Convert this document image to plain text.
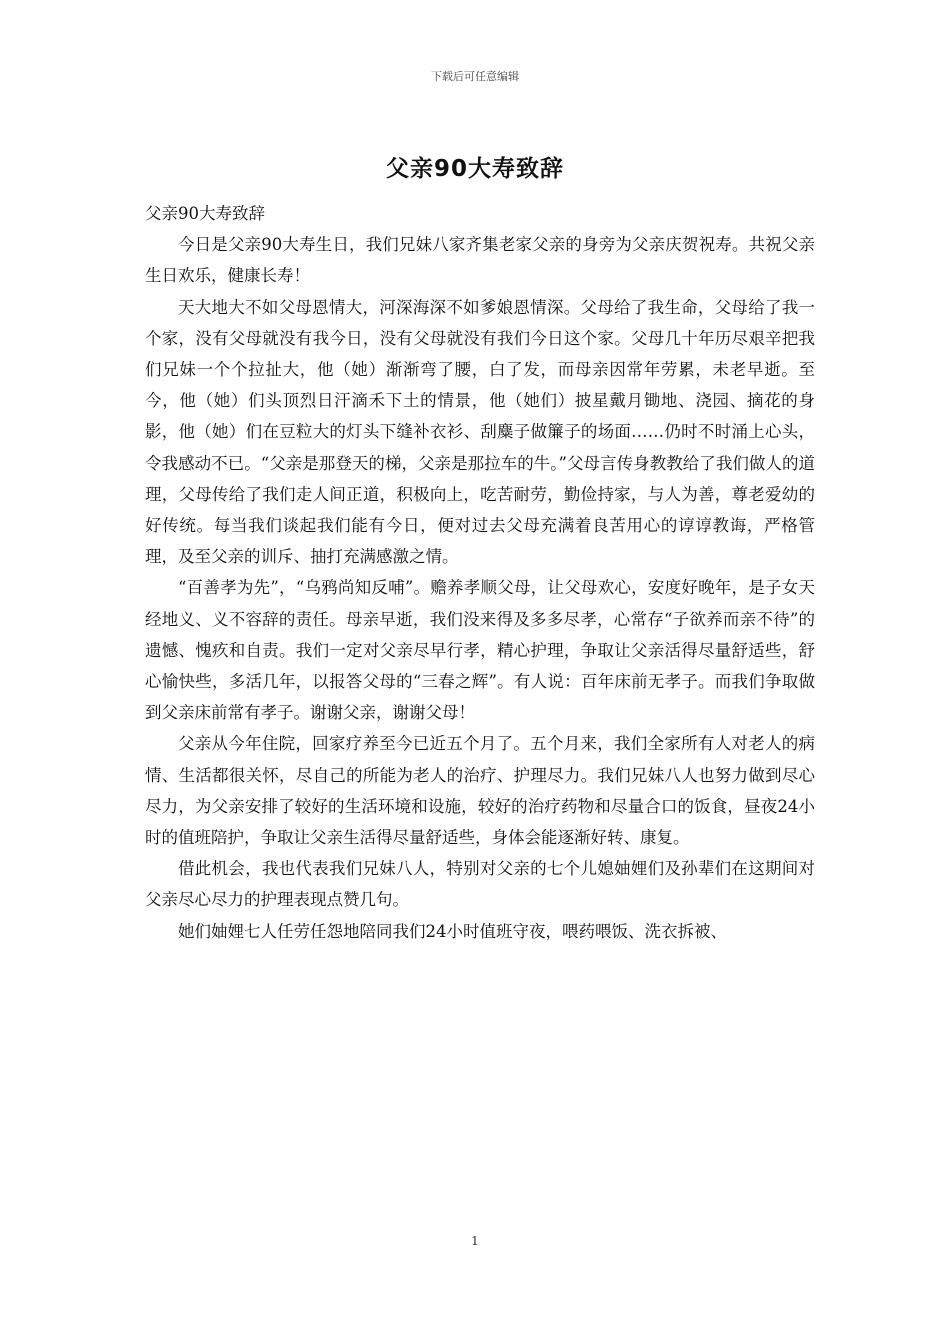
下载后可任意编辑
父亲90大寿致辞

父亲90大寿致辞

今日是父亲90大寿生日，我们兄妹八家齐集老家父亲的身旁为父亲庆贺祝寿。共祝父亲生日欢乐，健康长寿！

天大地大不如父母恩情大，河深海深不如爹娘恩情深。父母给了我生命，父母给了我一个家，没有父母就没有我今日，没有父母就没有我们今日这个家。父母几十年历尽艰辛把我们兄妹一个个拉扯大，他（她）渐渐弯了腰，白了发，而母亲因常年劳累，未老早逝。至今，他（她）们头顶烈日汗滴禾下土的情景，他（她们）披星戴月锄地、浇园、摘花的身影，他（她）们在豆粒大的灯头下缝补衣衫、刮麋子做簾子的场面……仍时不时涌上心头，令我感动不已。“父亲是那登天的梯，父亲是那拉车的牛。”父母言传身教教给了我们做人的道理，父母传给了我们走人间正道，积极向上，吃苦耐劳，勤俭持家，与人为善，尊老爱幼的好传统。每当我们谈起我们能有今日，便对过去父母充满着良苦用心的谆谆教诲，严格管理，及至父亲的训斥、抽打充满感激之情。

“百善孝为先”，“乌鸦尚知反哺”。赡养孝顺父母，让父母欢心，安度好晚年，是子女天经地义、义不容辞的责任。母亲早逝，我们没来得及多多尽孝，心常存“子欲养而亲不待”的遗憾、愧疚和自责。我们一定对父亲尽早行孝，精心护理，争取让父亲活得尽量舒适些，舒心愉快些，多活几年，以报答父母的“三春之辉”。有人说：百年床前无孝子。而我们争取做到父亲床前常有孝子。谢谢父亲，谢谢父母！

父亲从今年住院，回家疗养至今已近五个月了。五个月来，我们全家所有人对老人的病情、生活都很关怀，尽自己的所能为老人的治疗、护理尽力。我们兄妹八人也努力做到尽心尽力，为父亲安排了较好的生活环境和设施，较好的治疗药物和尽量合口的饭食，昼夜24小时的值班陪护，争取让父亲生活得尽量舒适些，身体会能逐渐好转、康复。

借此机会，我也代表我们兄妹八人，特别对父亲的七个儿媳妯娌们及孙辈们在这期间对父亲尽心尽力的护理表现点赞几句。

她们妯娌七人任劳任怨地陪同我们24小时值班守夜，喂药喂饭、洗衣拆被、

1
